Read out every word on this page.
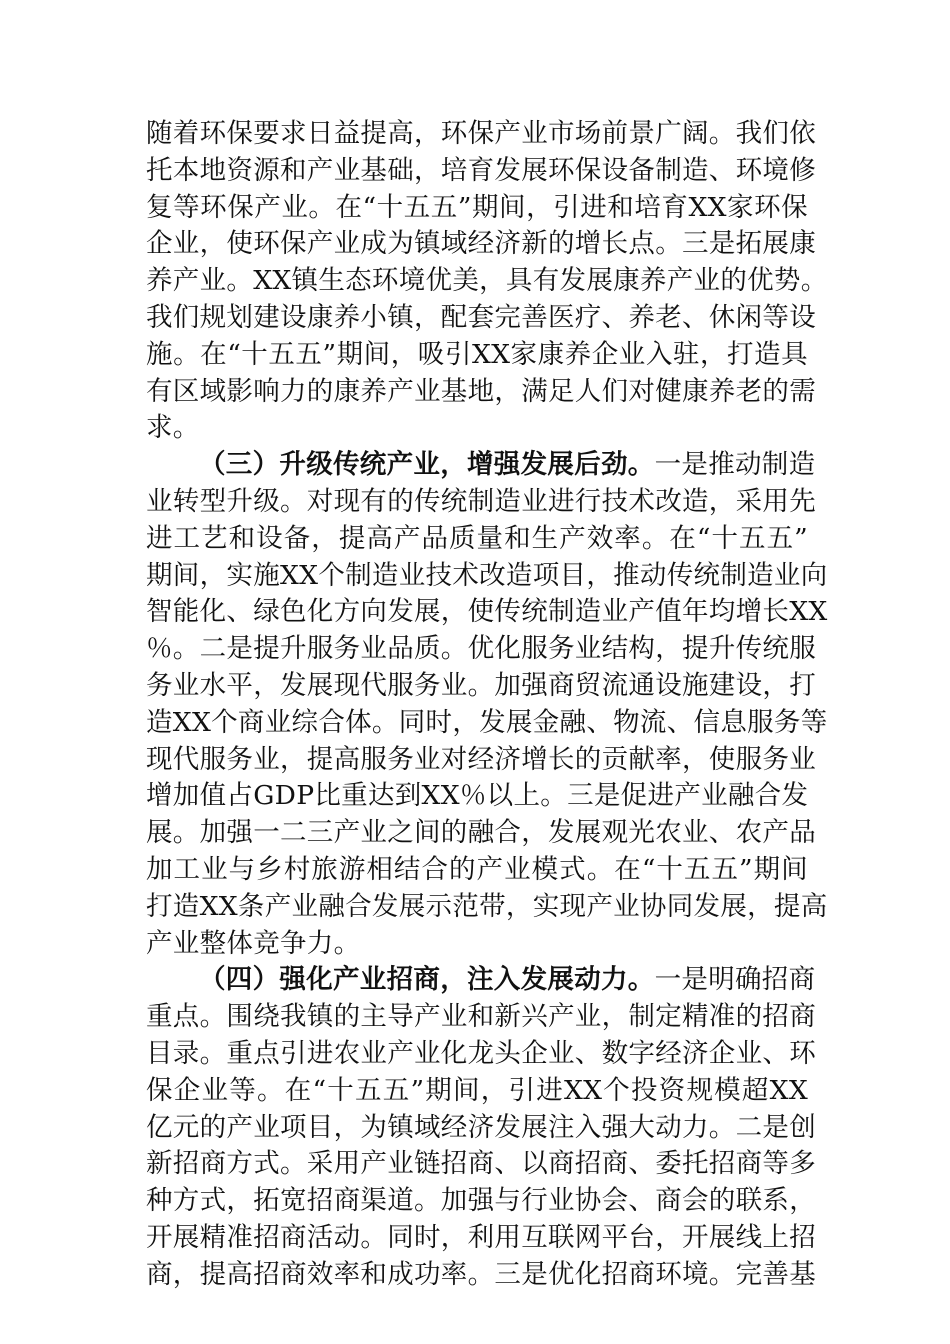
随着环保要求日益提高，环保产业市场前景广阔。我们依
托本地资源和产业基础，培育发展环保设备制造、环境修
复等环保产业。在“十五五”期间，引进和培育XX家环保
企业，使环保产业成为镇域经济新的增长点。三是拓展康
养产业。XX镇生态环境优美，具有发展康养产业的优势。
我们规划建设康养小镇，配套完善医疗、养老、休闲等设
施。在“十五五”期间，吸引XX家康养企业入驻，打造具
有区域影响力的康养产业基地，满足人们对健康养老的需
求。
（三）升级传统产业，增强发展后劲。一是推动制造
业转型升级。对现有的传统制造业进行技术改造，采用先
进工艺和设备，提高产品质量和生产效率。在“十五五”
期间，实施XX个制造业技术改造项目，推动传统制造业向
智能化、绿色化方向发展，使传统制造业产值年均增长XX
％。二是提升服务业品质。优化服务业结构，提升传统服
务业水平，发展现代服务业。加强商贸流通设施建设，打
造XX个商业综合体。同时，发展金融、物流、信息服务等
现代服务业，提高服务业对经济增长的贡献率，使服务业
增加值占GDP比重达到XX％以上。三是促进产业融合发
展。加强一二三产业之间的融合，发展观光农业、农产品
加工业与乡村旅游相结合的产业模式。在“十五五”期间
打造XX条产业融合发展示范带，实现产业协同发展，提高
产业整体竞争力。
（四）强化产业招商，注入发展动力。一是明确招商
重点。围绕我镇的主导产业和新兴产业，制定精准的招商
目录。重点引进农业产业化龙头企业、数字经济企业、环
保企业等。在“十五五”期间，引进XX个投资规模超XX
亿元的产业项目，为镇域经济发展注入强大动力。二是创
新招商方式。采用产业链招商、以商招商、委托招商等多
种方式，拓宽招商渠道。加强与行业协会、商会的联系，
开展精准招商活动。同时，利用互联网平台，开展线上招
商，提高招商效率和成功率。三是优化招商环境。完善基
